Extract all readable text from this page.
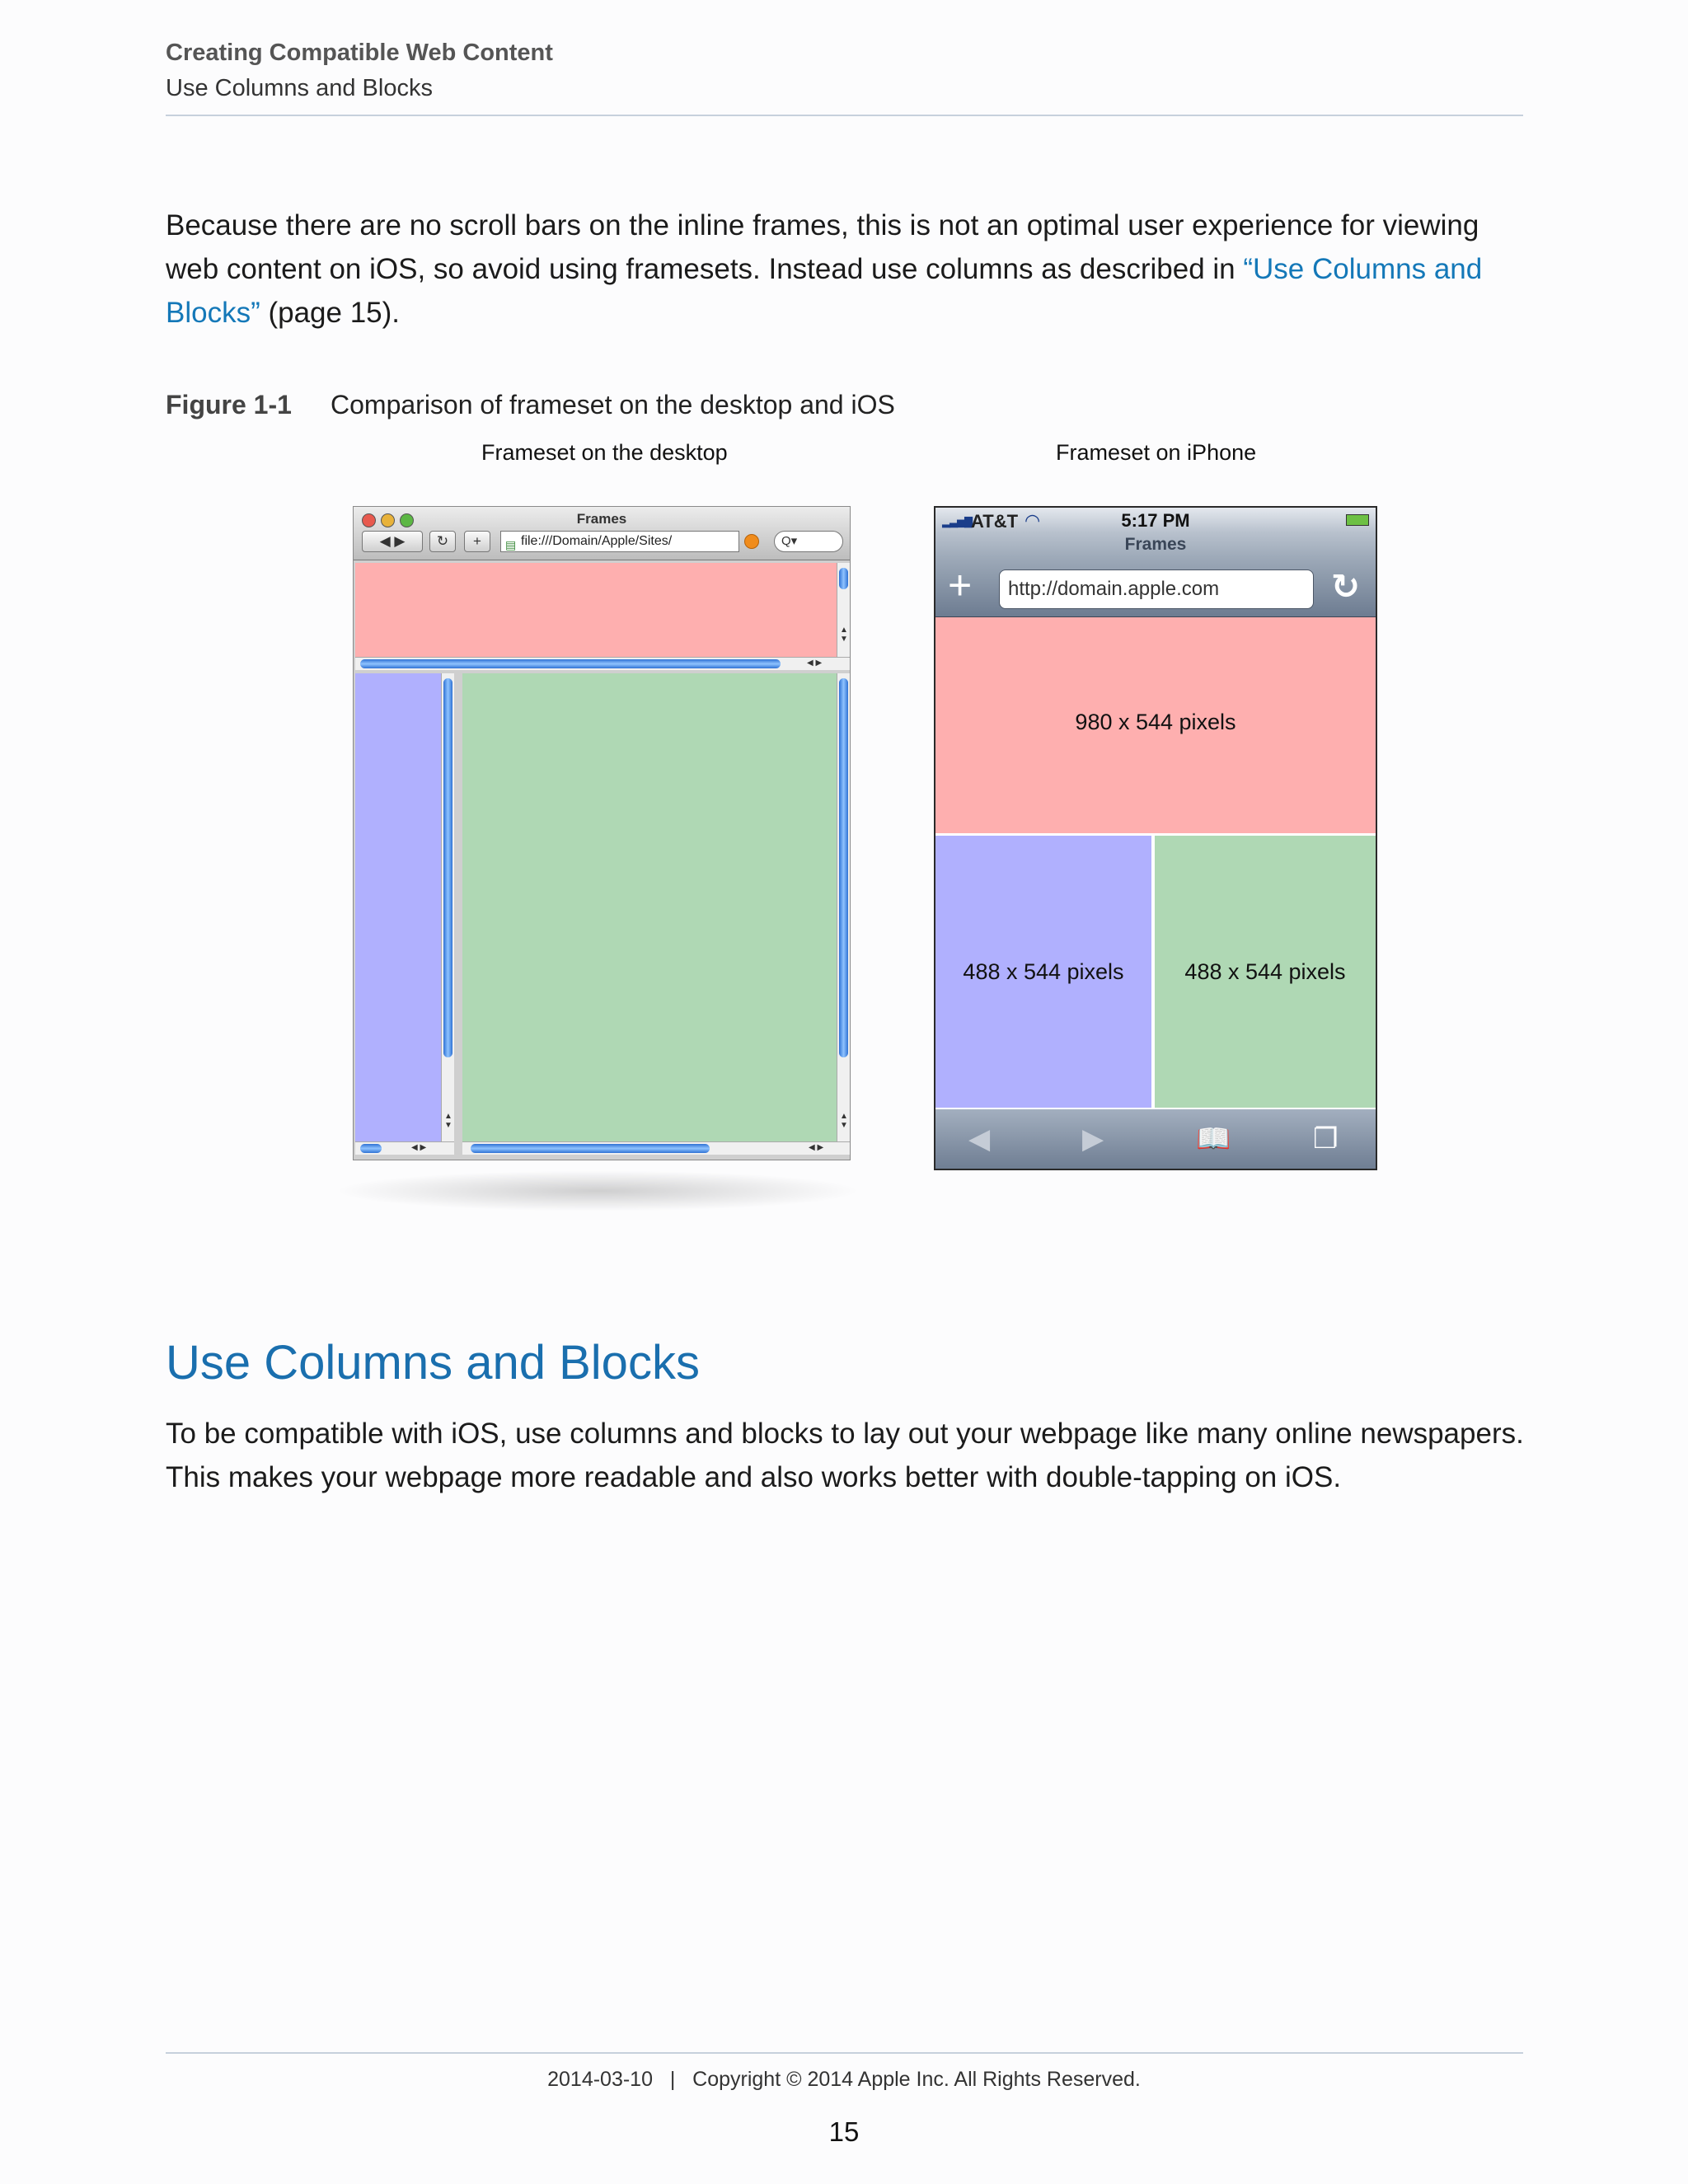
Creating Compatible Web Content
Use Columns and Blocks
Because there are no scroll bars on the inline frames, this is not an optimal user experience for viewing web content on iOS, so avoid using framesets. Instead use columns as described in “Use Columns and Blocks” (page 15).
Figure 1-1 Comparison of frameset on the desktop and iOS
Frameset on the desktop	Frameset on iPhone
Frames
◀ ▶	↻	+	▤ file:///Domain/Apple/Sites/	Q▾
▲
▼
◀ ▶
▲
▼
◀ ▶
▲
▼
◀ ▶
▂▃▅▇ AT&T ◠	5:17 PM
Frames
+	http://domain.apple.com	↻
980 x 544 pixels
488 x 544 pixels	488 x 544 pixels
◀	▶	📖	❐
Use Columns and Blocks
To be compatible with iOS, use columns and blocks to lay out your webpage like many online newspapers. This makes your webpage more readable and also works better with double-tapping on iOS.
2014-03-10   |   Copyright © 2014 Apple Inc. All Rights Reserved.
15
